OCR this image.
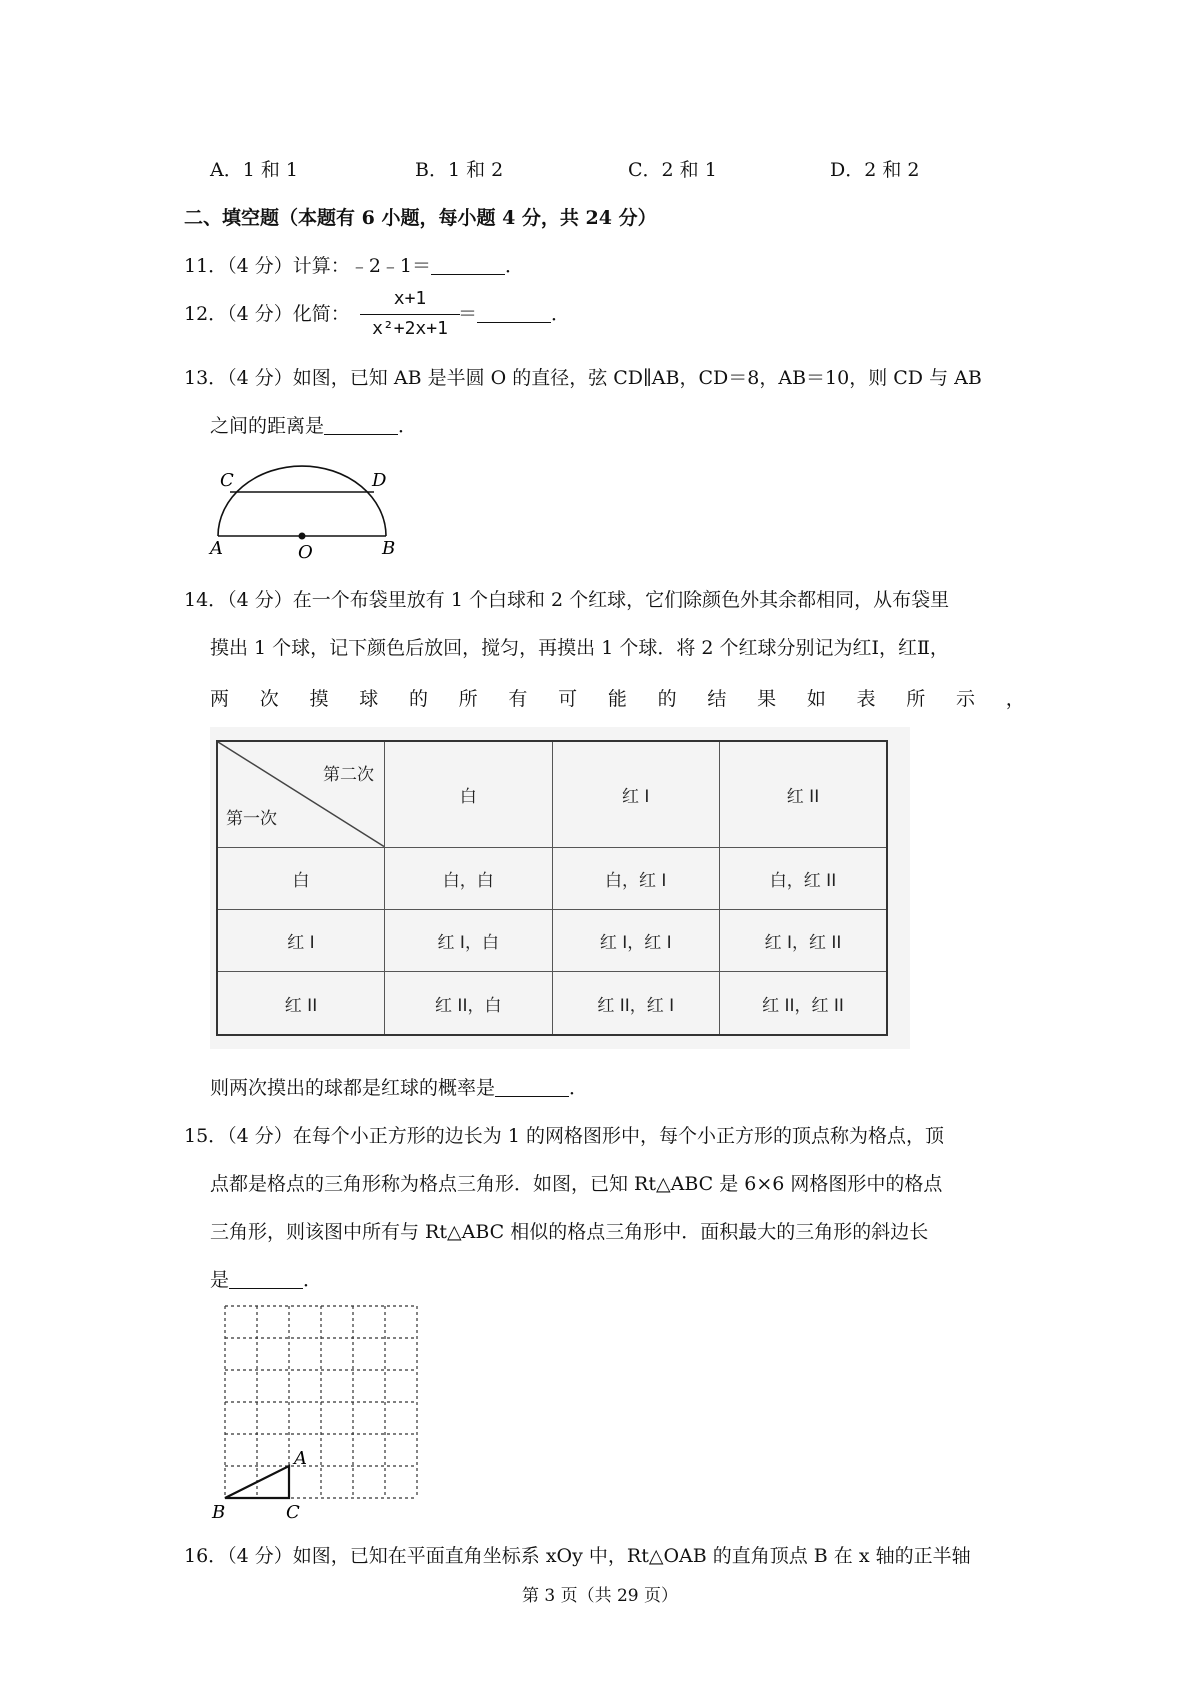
A．1 和 1	B．1 和 2	C．2 和 1	D．2 和 2
二、填空题（本题有 6 小题，每小题 4 分，共 24 分）
11．（4 分）计算：﹣2﹣1＝	．
12．（4 分）化简：
x+1
x²+2x+1
＝	．
13．（4 分）如图，已知 AB 是半圆 O 的直径，弦 CD∥AB，CD＝8，AB＝10，则 CD 与 AB
之间的距离是	．
C	D
A	B
O
14．（4 分）在一个布袋里放有 1 个白球和 2 个红球，它们除颜色外其余都相同，从布袋里
摸出 1 个球，记下颜色后放回，搅匀，再摸出 1 个球．将 2 个红球分别记为红Ⅰ，红Ⅱ，
两 次 摸 球 的 所 有 可 能 的 结 果 如 表 所 示 ，
第二次
第一次	白	红 I	红 II
白	白，白	白，红 I	白，红 II
红 I	红 I，白	红 I，红 I	红 I，红 II
红 II	红 II，白	红 II，红 I	红 II，红 II
则两次摸出的球都是红球的概率是	．
15．（4 分）在每个小正方形的边长为 1 的网格图形中，每个小正方形的顶点称为格点，顶
点都是格点的三角形称为格点三角形．如图，已知 Rt△ABC 是 6×6 网格图形中的格点
三角形，则该图中所有与 Rt△ABC 相似的格点三角形中．面积最大的三角形的斜边长
是	．
A
B	C
16．（4 分）如图，已知在平面直角坐标系 xOy 中，Rt△OAB 的直角顶点 B 在 x 轴的正半轴
第 3 页（共 29 页）
